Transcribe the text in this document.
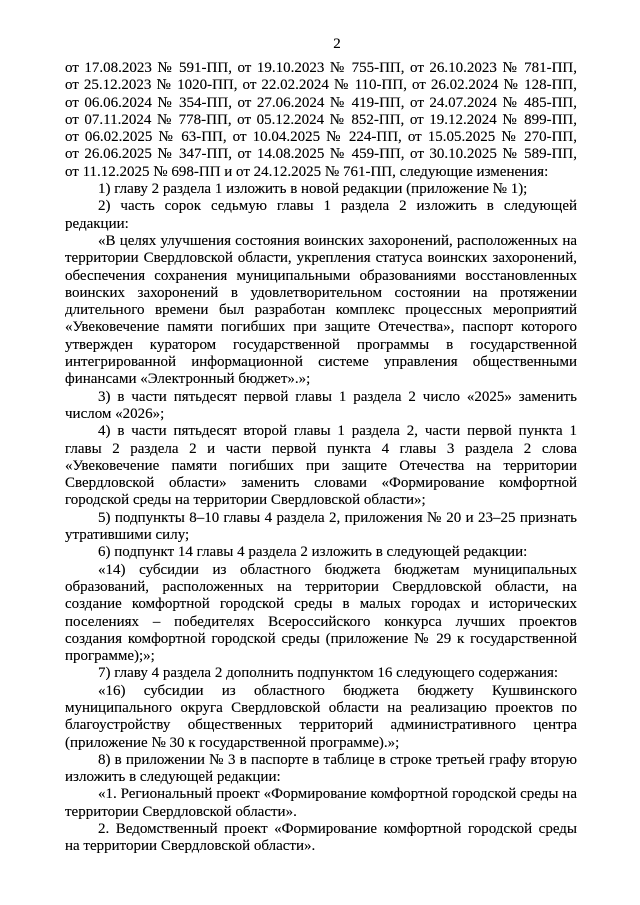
2

от 17.08.2023 № 591-ПП, от 19.10.2023 № 755-ПП, от 26.10.2023 № 781-ПП, от 25.12.2023 № 1020-ПП, от 22.02.2024 № 110-ПП, от 26.02.2024 № 128-ПП, от 06.06.2024 № 354-ПП, от 27.06.2024 № 419-ПП, от 24.07.2024 № 485-ПП, от 07.11.2024 № 778-ПП, от 05.12.2024 № 852-ПП, от 19.12.2024 № 899-ПП, от 06.02.2025 № 63-ПП, от 10.04.2025 № 224-ПП, от 15.05.2025 № 270-ПП, от 26.06.2025 № 347-ПП, от 14.08.2025 № 459-ПП, от 30.10.2025 № 589-ПП, от 11.12.2025 № 698-ПП и от 24.12.2025 № 761-ПП, следующие изменения:

1) главу 2 раздела 1 изложить в новой редакции (приложение № 1);

2) часть сорок седьмую главы 1 раздела 2 изложить в следующей редакции:

«В целях улучшения состояния воинских захоронений, расположенных на территории Свердловской области, укрепления статуса воинских захоронений, обеспечения сохранения муниципальными образованиями восстановленных воинских захоронений в удовлетворительном состоянии на протяжении длительного времени был разработан комплекс процессных мероприятий «Увековечение памяти погибших при защите Отечества», паспорт которого утвержден куратором государственной программы в государственной интегрированной информационной системе управления общественными финансами «Электронный бюджет».»;

3) в части пятьдесят первой главы 1 раздела 2 число «2025» заменить числом «2026»;

4) в части пятьдесят второй главы 1 раздела 2, части первой пункта 1 главы 2 раздела 2 и части первой пункта 4 главы 3 раздела 2 слова «Увековечение памяти погибших при защите Отечества на территории Свердловской области» заменить словами «Формирование комфортной городской среды на территории Свердловской области»;

5) подпункты 8–10 главы 4 раздела 2, приложения № 20 и 23–25 признать утратившими силу;

6) подпункт 14 главы 4 раздела 2 изложить в следующей редакции:

«14) субсидии из областного бюджета бюджетам муниципальных образований, расположенных на территории Свердловской области, на создание комфортной городской среды в малых городах и исторических поселениях – победителях Всероссийского конкурса лучших проектов создания комфортной городской среды (приложение № 29 к государственной программе);»;

7) главу 4 раздела 2 дополнить подпунктом 16 следующего содержания:

«16) субсидии из областного бюджета бюджету Кушвинского муниципального округа Свердловской области на реализацию проектов по благоустройству общественных территорий административного центра (приложение № 30 к государственной программе).»;

8) в приложении № 3 в паспорте в таблице в строке третьей графу вторую изложить в следующей редакции:

«1. Региональный проект «Формирование комфортной городской среды на территории Свердловской области».

2. Ведомственный проект «Формирование комфортной городской среды на территории Свердловской области».
